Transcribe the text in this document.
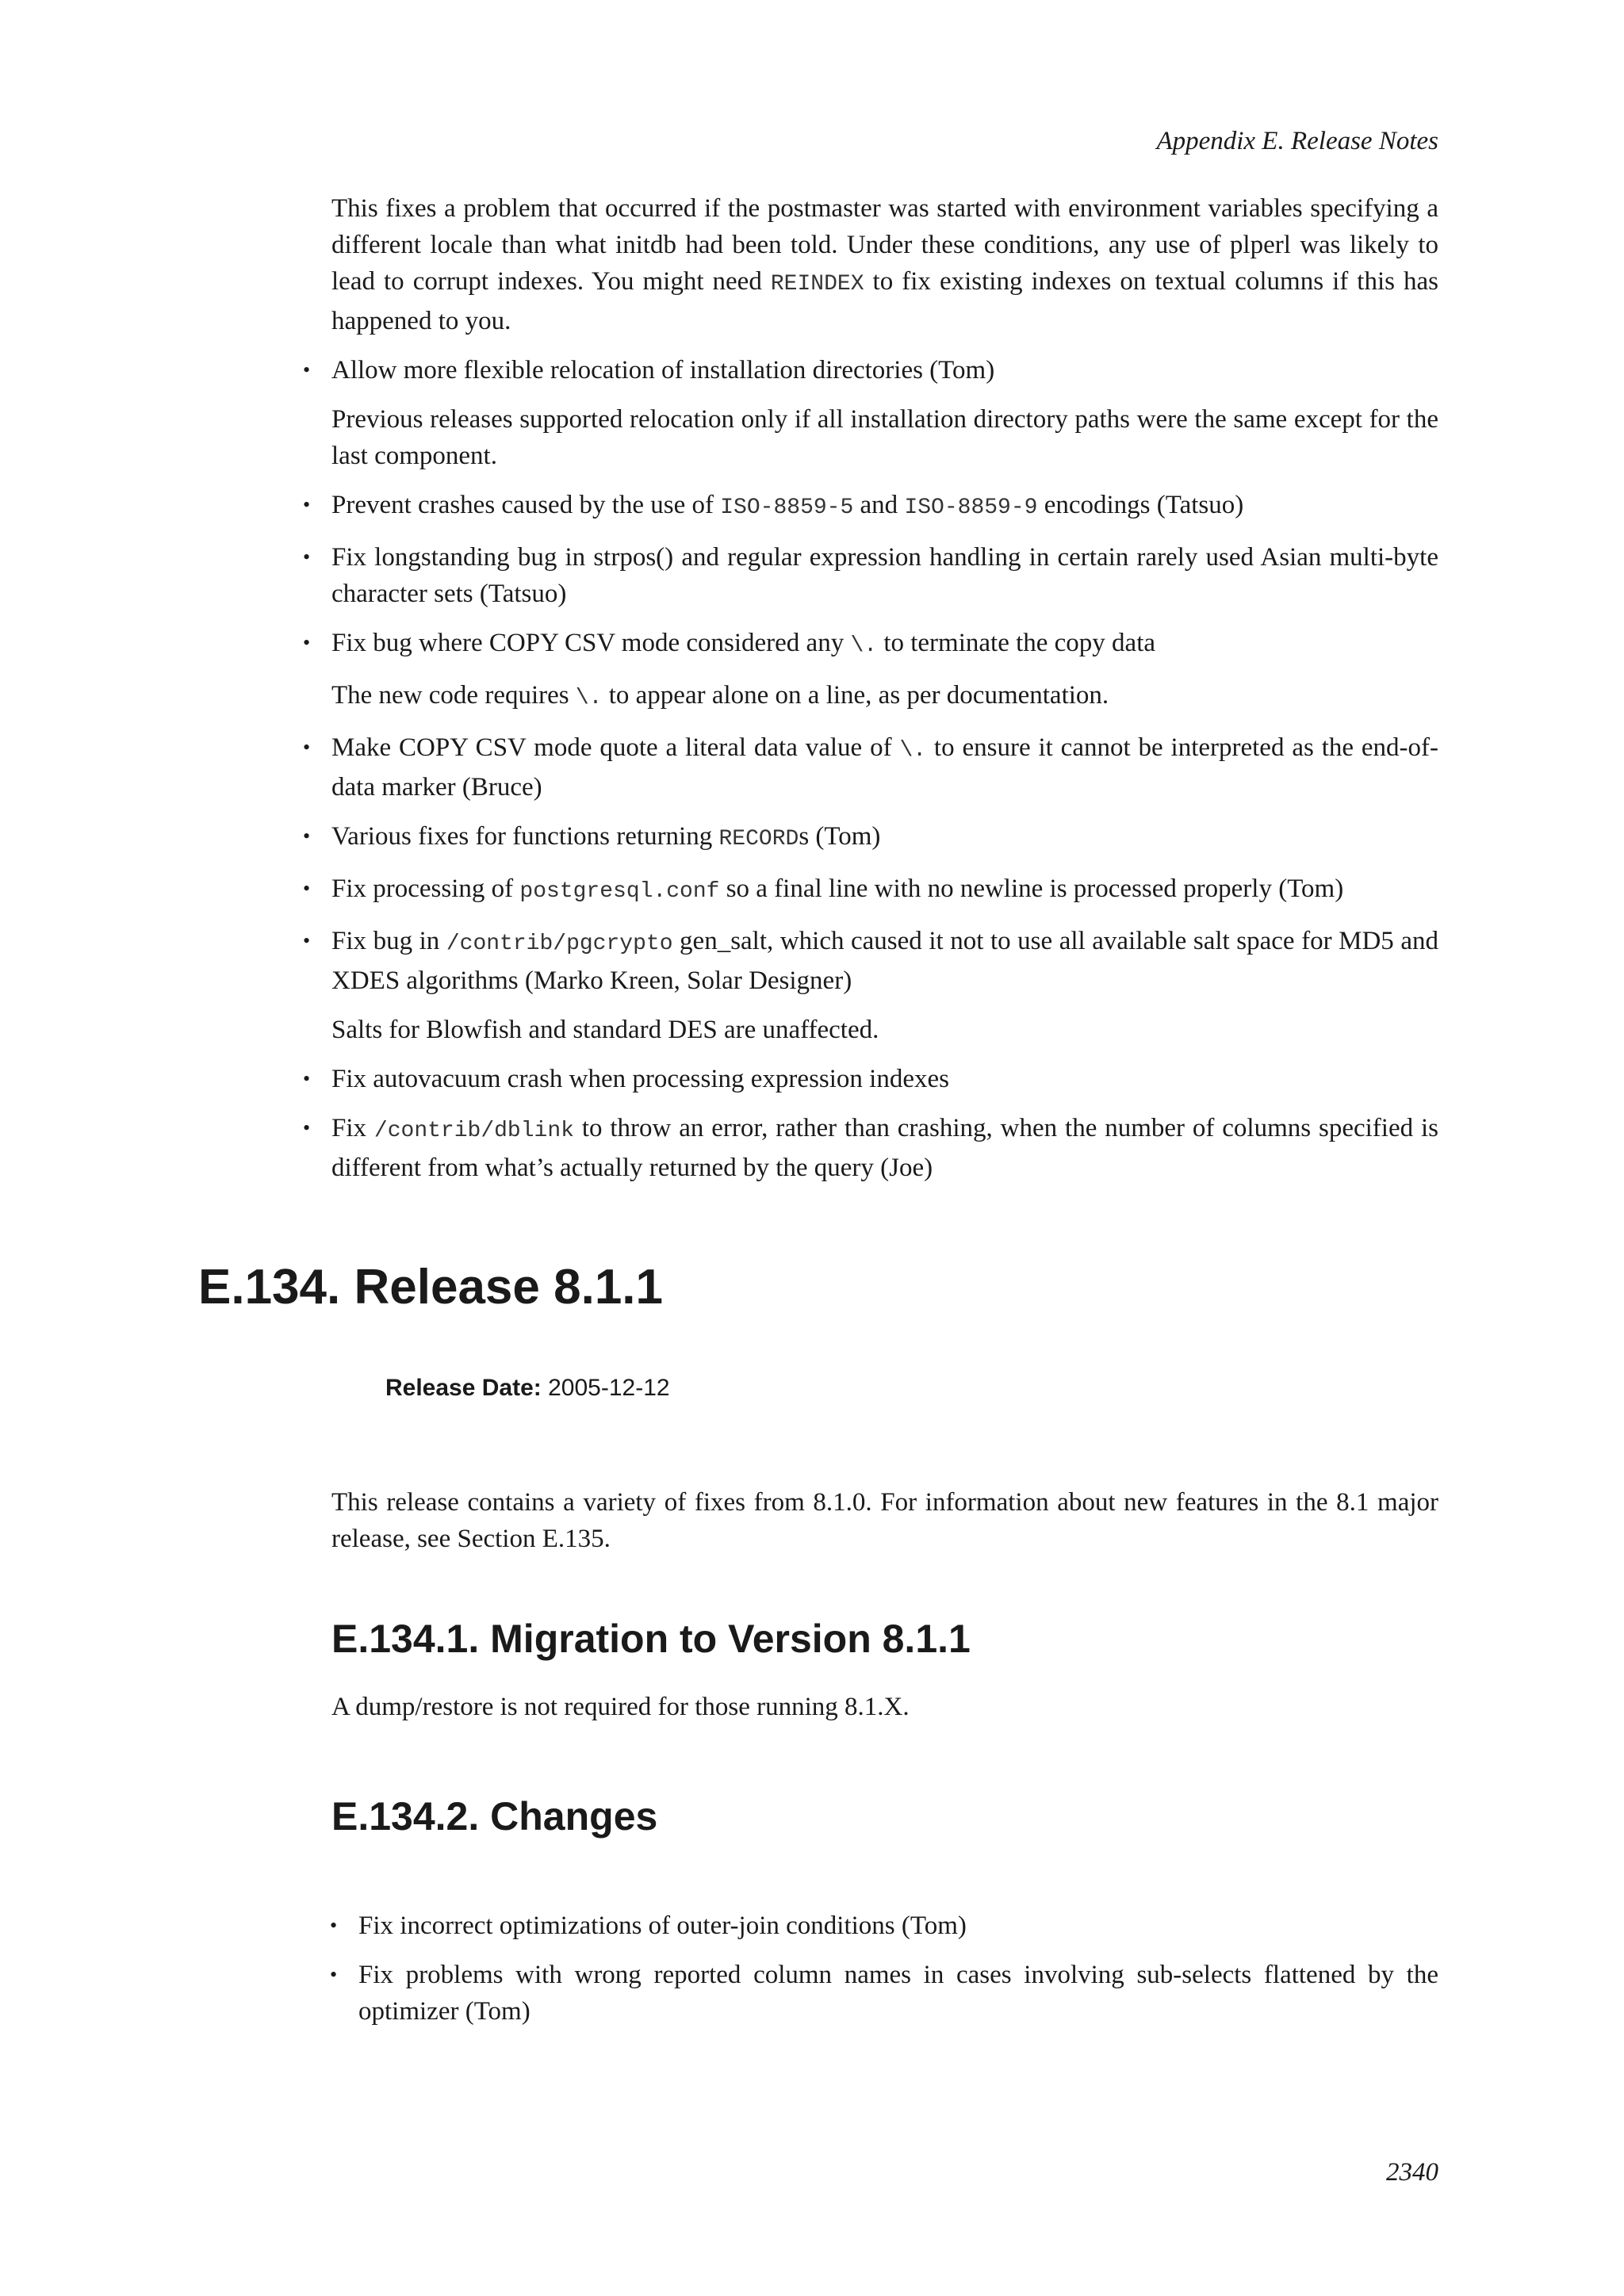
Appendix E. Release Notes

This fixes a problem that occurred if the postmaster was started with environment variables specifying a different locale than what initdb had been told. Under these conditions, any use of plperl was likely to lead to corrupt indexes. You might need REINDEX to fix existing indexes on textual columns if this has happened to you.

• Allow more flexible relocation of installation directories (Tom)

Previous releases supported relocation only if all installation directory paths were the same except for the last component.

• Prevent crashes caused by the use of ISO-8859-5 and ISO-8859-9 encodings (Tatsuo)

• Fix longstanding bug in strpos() and regular expression handling in certain rarely used Asian multi-byte character sets (Tatsuo)

• Fix bug where COPY CSV mode considered any \. to terminate the copy data

The new code requires \. to appear alone on a line, as per documentation.

• Make COPY CSV mode quote a literal data value of \. to ensure it cannot be interpreted as the end-of-data marker (Bruce)

• Various fixes for functions returning RECORDs (Tom)

• Fix processing of postgresql.conf so a final line with no newline is processed properly (Tom)

• Fix bug in /contrib/pgcrypto gen_salt, which caused it not to use all available salt space for MD5 and XDES algorithms (Marko Kreen, Solar Designer)

Salts for Blowfish and standard DES are unaffected.

• Fix autovacuum crash when processing expression indexes

• Fix /contrib/dblink to throw an error, rather than crashing, when the number of columns specified is different from what’s actually returned by the query (Joe)

E.134. Release 8.1.1
Release Date: 2005-12-12

This release contains a variety of fixes from 8.1.0. For information about new features in the 8.1 major release, see Section E.135.

E.134.1. Migration to Version 8.1.1

A dump/restore is not required for those running 8.1.X.

E.134.2. Changes
• Fix incorrect optimizations of outer-join conditions (Tom)

• Fix problems with wrong reported column names in cases involving sub-selects flattened by the optimizer (Tom)

2340
